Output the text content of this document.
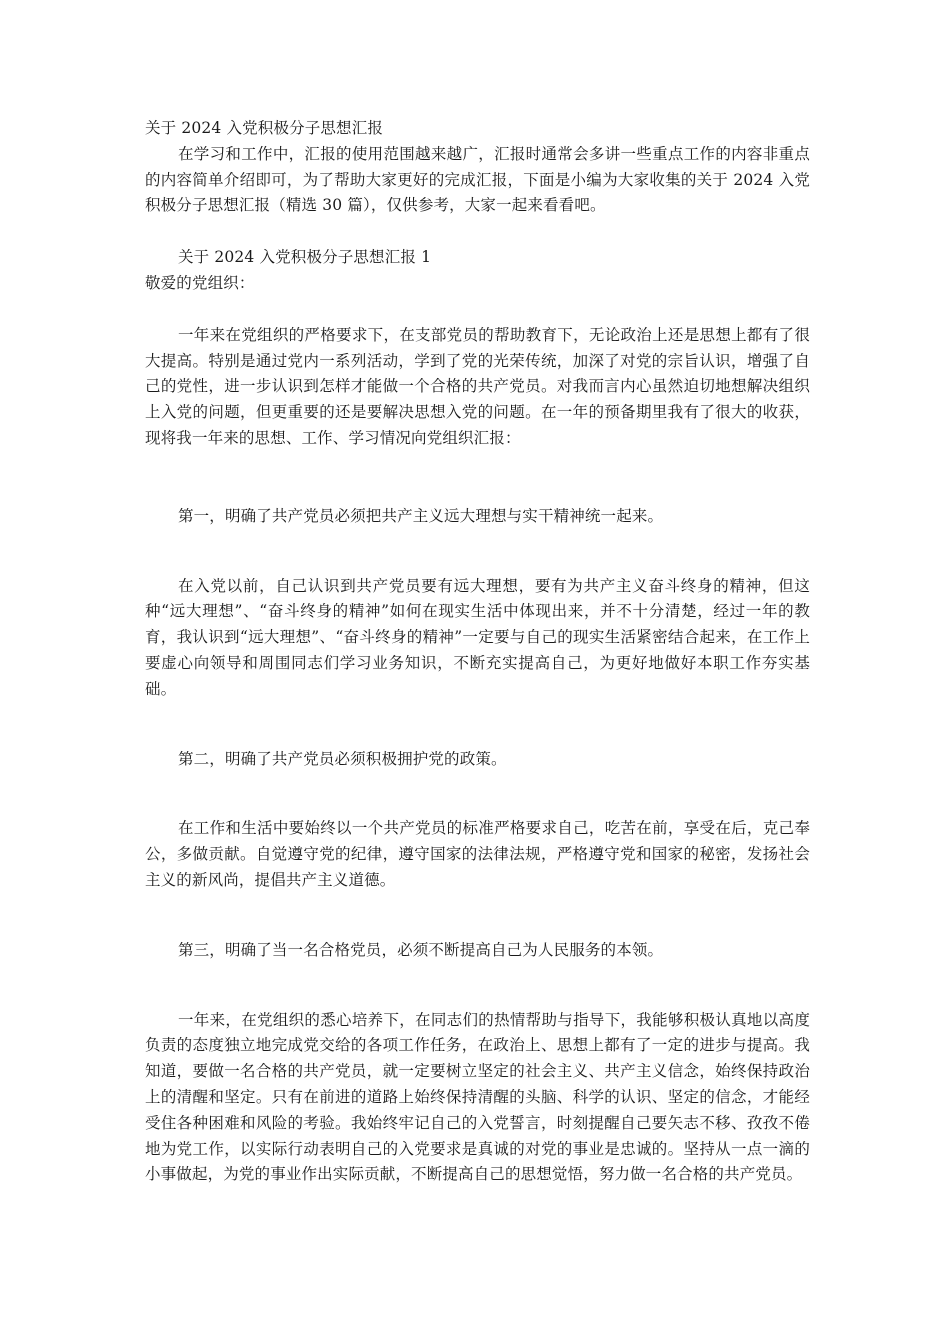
关于 2024 入党积极分子思想汇报

在学习和工作中，汇报的使用范围越来越广，汇报时通常会多讲一些重点工作的内容非重点的内容简单介绍即可，为了帮助大家更好的完成汇报，下面是小编为大家收集的关于 2024 入党积极分子思想汇报（精选 30 篇），仅供参考，大家一起来看看吧。

关于 2024 入党积极分子思想汇报 1

敬爱的党组织：

一年来在党组织的严格要求下，在支部党员的帮助教育下，无论政治上还是思想上都有了很大提高。特别是通过党内一系列活动，学到了党的光荣传统，加深了对党的宗旨认识，增强了自己的党性，进一步认识到怎样才能做一个合格的共产党员。对我而言内心虽然迫切地想解决组织上入党的问题，但更重要的还是要解决思想入党的问题。在一年的预备期里我有了很大的收获，现将我一年来的思想、工作、学习情况向党组织汇报：

第一，明确了共产党员必须把共产主义远大理想与实干精神统一起来。

在入党以前，自己认识到共产党员要有远大理想，要有为共产主义奋斗终身的精神，但这种“远大理想”、“奋斗终身的精神”如何在现实生活中体现出来，并不十分清楚，经过一年的教育，我认识到“远大理想”、“奋斗终身的精神”一定要与自己的现实生活紧密结合起来，在工作上要虚心向领导和周围同志们学习业务知识，不断充实提高自己，为更好地做好本职工作夯实基础。

第二，明确了共产党员必须积极拥护党的政策。

在工作和生活中要始终以一个共产党员的标准严格要求自己，吃苦在前，享受在后，克己奉公，多做贡献。自觉遵守党的纪律，遵守国家的法律法规，严格遵守党和国家的秘密，发扬社会主义的新风尚，提倡共产主义道德。

第三，明确了当一名合格党员，必须不断提高自己为人民服务的本领。

一年来，在党组织的悉心培养下，在同志们的热情帮助与指导下，我能够积极认真地以高度负责的态度独立地完成党交给的各项工作任务，在政治上、思想上都有了一定的进步与提高。我知道，要做一名合格的共产党员，就一定要树立坚定的社会主义、共产主义信念，始终保持政治上的清醒和坚定。只有在前进的道路上始终保持清醒的头脑、科学的认识、坚定的信念，才能经受住各种困难和风险的考验。我始终牢记自己的入党誓言，时刻提醒自己要矢志不移、孜孜不倦地为党工作，以实际行动表明自己的入党要求是真诚的对党的事业是忠诚的。坚持从一点一滴的小事做起，为党的事业作出实际贡献，不断提高自己的思想觉悟，努力做一名合格的共产党员。
